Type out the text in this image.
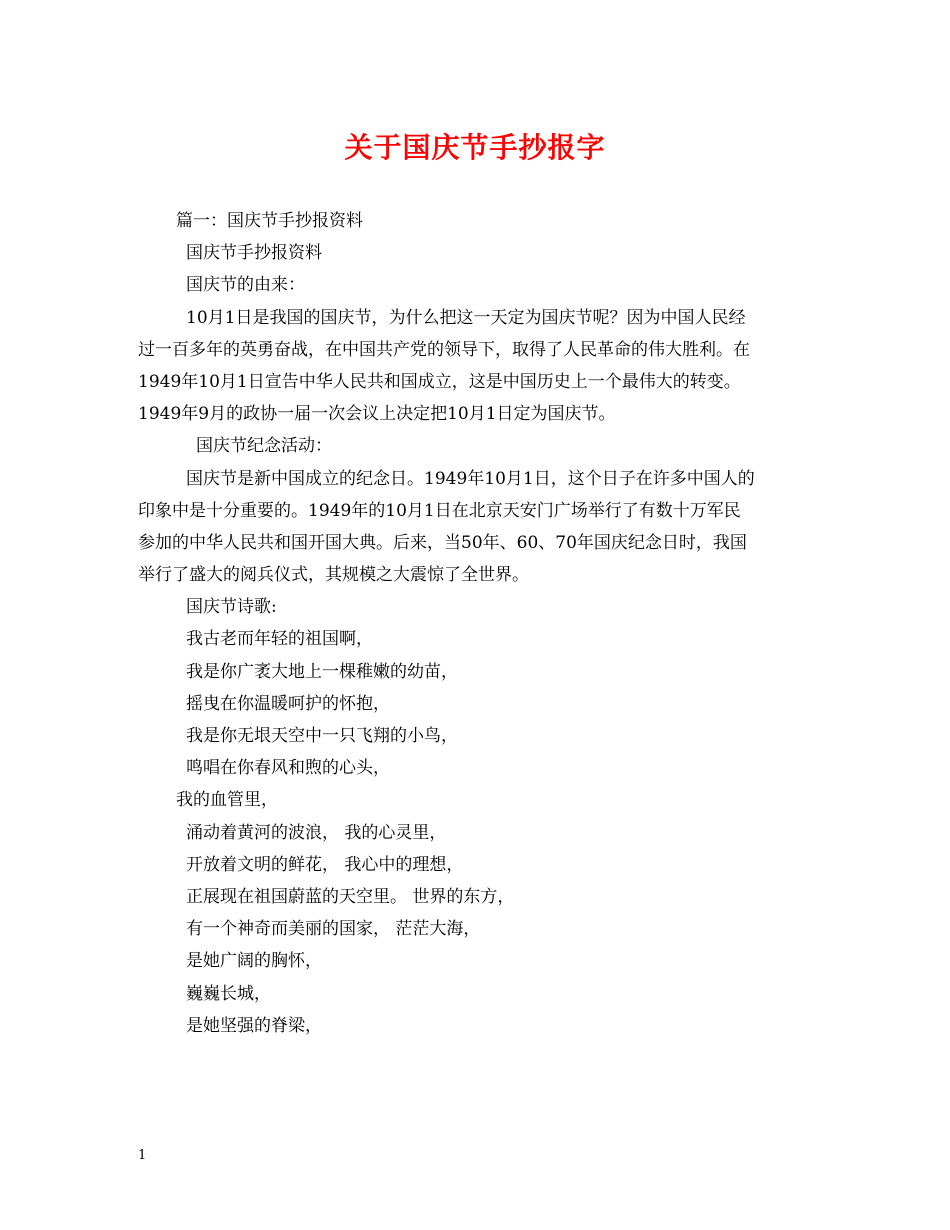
关于国庆节手抄报字
篇一：国庆节手抄报资料
国庆节手抄报资料
国庆节的由来：
10月1日是我国的国庆节，为什么把这一天定为国庆节呢？因为中国人民经
过一百多年的英勇奋战，在中国共产党的领导下，取得了人民革命的伟大胜利。在
1949年10月1日宣告中华人民共和国成立，这是中国历史上一个最伟大的转变。
1949年9月的政协一届一次会议上决定把10月1日定为国庆节。
国庆节纪念活动：
国庆节是新中国成立的纪念日。1949年10月1日，这个日子在许多中国人的
印象中是十分重要的。1949年的10月1日在北京天安门广场举行了有数十万军民
参加的中华人民共和国开国大典。后来，当50年、60、70年国庆纪念日时，我国
举行了盛大的阅兵仪式，其规模之大震惊了全世界。
国庆节诗歌:
我古老而年轻的祖国啊，
我是你广袤大地上一棵稚嫩的幼苗，
摇曳在你温暖呵护的怀抱，
我是你无垠天空中一只飞翔的小鸟，
鸣唱在你春风和煦的心头，
我的血管里，
涌动着黄河的波浪， 我的心灵里，
开放着文明的鲜花， 我心中的理想，
正展现在祖国蔚蓝的天空里。 世界的东方，
有一个神奇而美丽的国家， 茫茫大海，
是她广阔的胸怀，
巍巍长城，
是她坚强的脊梁，
1
